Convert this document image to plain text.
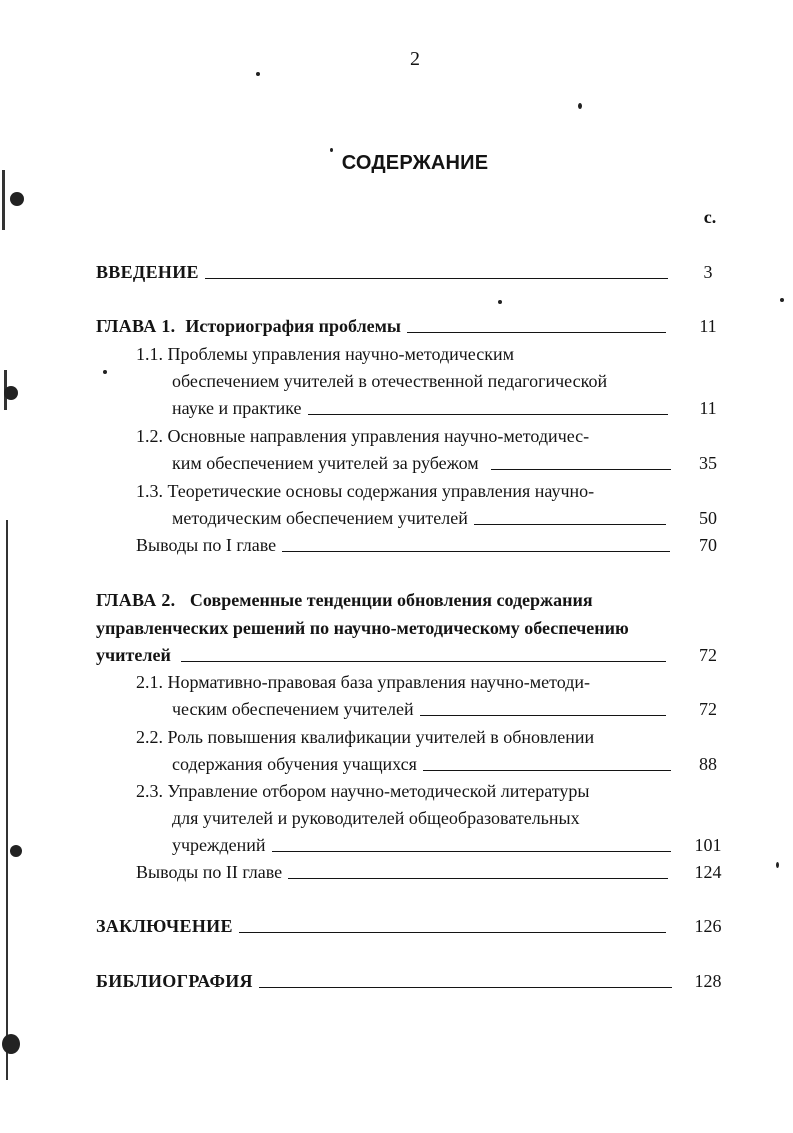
2
СОДЕРЖАНИЕ
с.
ВВЕДЕНИЕ	3
ГЛАВА 1. Историография проблемы	11
1.1. Проблемы управления научно-методическим
обеспечением учителей в отечественной педагогической
науке и практике	11
1.2. Основные направления управления научно-методичес-
ким обеспечением учителей за рубежом	35
1.3. Теоретические основы содержания управления научно-
методическим обеспечением учителей	50
Выводы по I главе	70
ГЛАВА 2. Современные тенденции обновления содержания
управленческих решений по научно-методическому обеспечению
учителей	72
2.1. Нормативно-правовая база управления научно-методи-
ческим обеспечением учителей	72
2.2. Роль повышения квалификации учителей в обновлении
содержания обучения учащихся	88
2.3. Управление отбором научно-методической литературы
для учителей и руководителей общеобразовательных
учреждений	101
Выводы по II главе	124
ЗАКЛЮЧЕНИЕ	126
БИБЛИОГРАФИЯ	128
